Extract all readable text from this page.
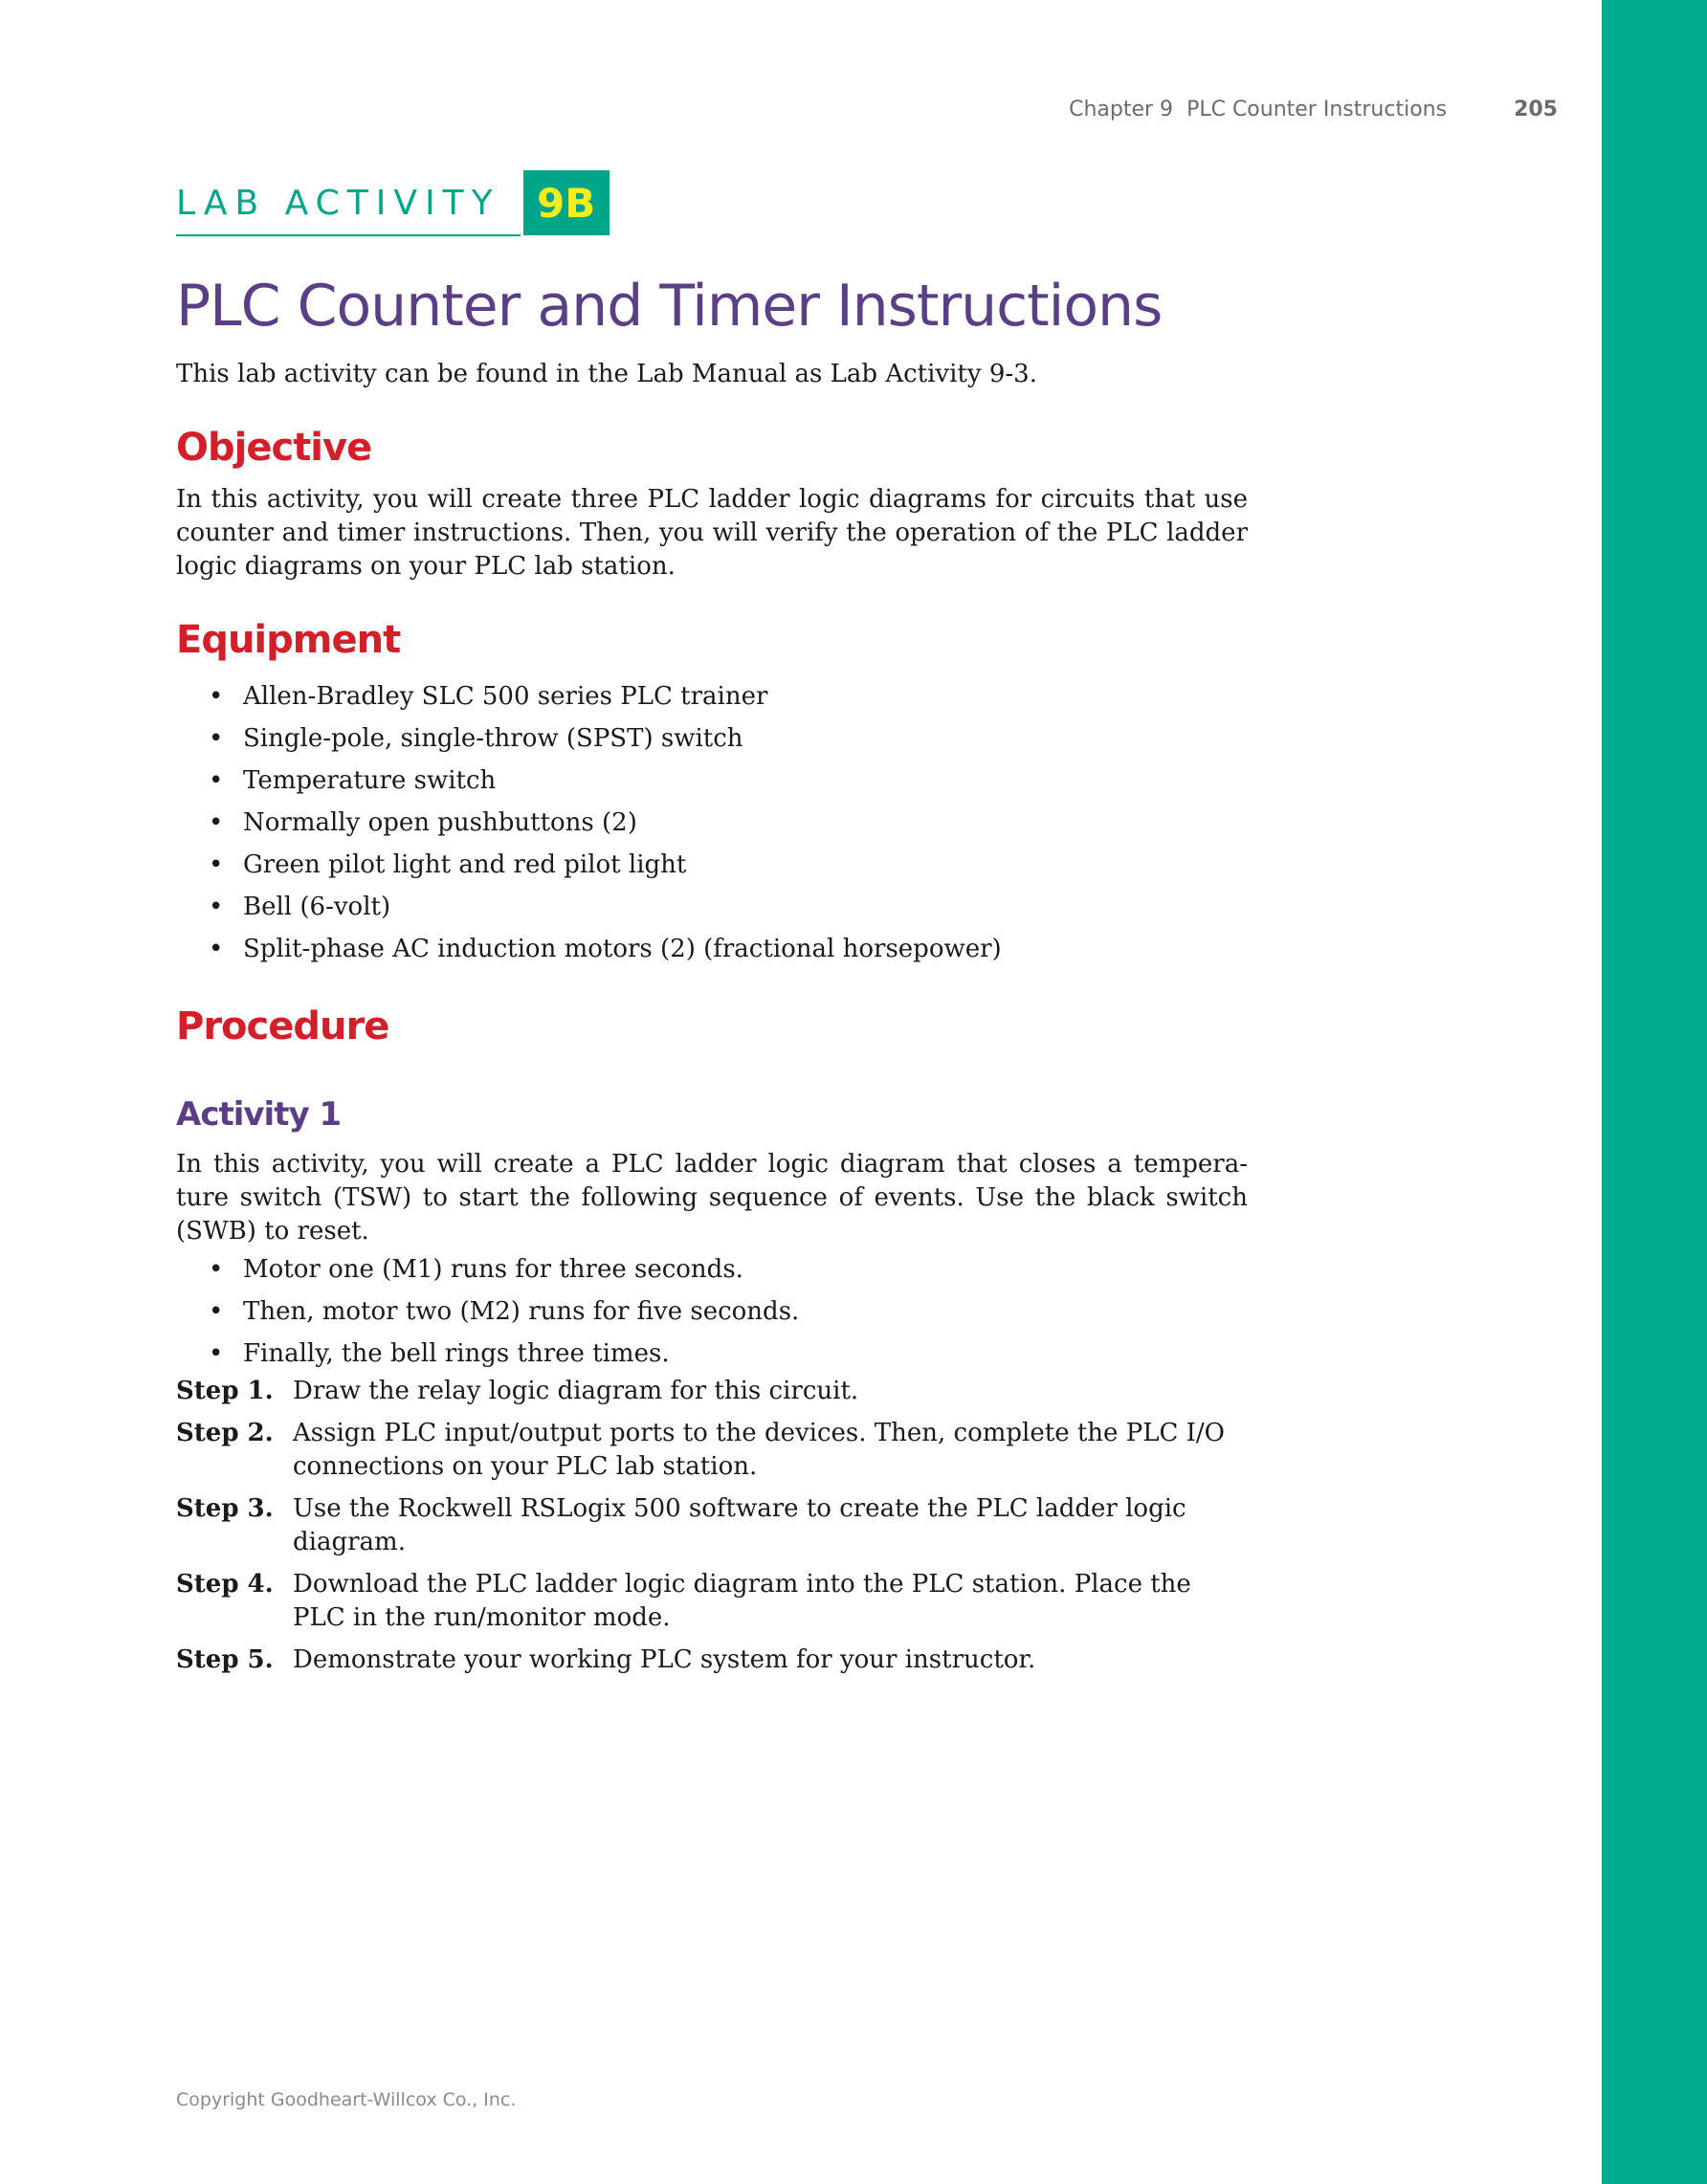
Chapter 9 PLC Counter Instructions	205
LAB ACTIVITY 9B
PLC Counter and Timer Instructions

This lab activity can be found in the Lab Manual as Lab Activity 9-3.

Objective

In this activity, you will create three PLC ladder logic diagrams for circuits that use counter and timer instructions. Then, you will verify the operation of the PLC ladder logic diagrams on your PLC lab station.

Equipment
• Allen-Bradley SLC 500 series PLC trainer
• Single-pole, single-throw (SPST) switch
• Temperature switch
• Normally open pushbuttons (2)
• Green pilot light and red pilot light
• Bell (6-volt)
• Split-phase AC induction motors (2) (fractional horsepower)
Procedure
Activity 1

In this activity, you will create a PLC ladder logic diagram that closes a tempera-ture switch (TSW) to start the following sequence of events. Use the black switch (SWB) to reset.

• Motor one (M1) runs for three seconds.
• Then, motor two (M2) runs for five seconds.
• Finally, the bell rings three times.
Step 1. Draw the relay logic diagram for this circuit.
Step 2. Assign PLC input/output ports to the devices. Then, complete the PLC I/O connections on your PLC lab station.
Step 3. Use the Rockwell RSLogix 500 software to create the PLC ladder logic diagram.
Step 4. Download the PLC ladder logic diagram into the PLC station. Place the PLC in the run/monitor mode.
Step 5. Demonstrate your working PLC system for your instructor.
Copyright Goodheart-Willcox Co., Inc.
